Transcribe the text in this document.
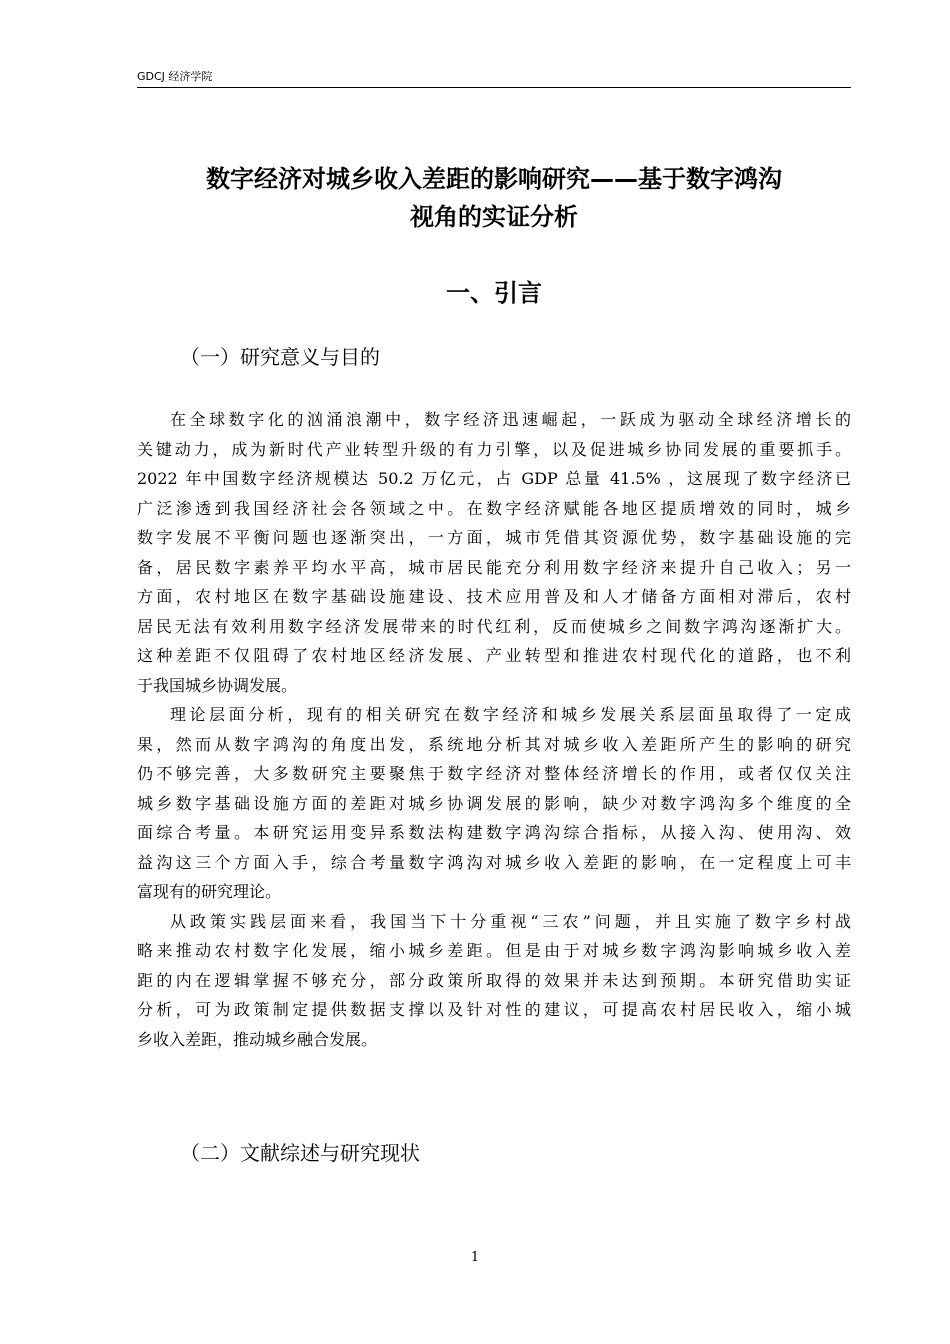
GDCJ 经济学院
数字经济对城乡收入差距的影响研究——基于数字鸿沟
视角的实证分析
一、引言
（一）研究意义与目的
在全球数字化的汹涌浪潮中，数字经济迅速崛起，一跃成为驱动全球经济增长的
关键动力，成为新时代产业转型升级的有力引擎，以及促进城乡协同发展的重要抓手。
2022 年中国数字经济规模达 50.2 万亿元，占 GDP 总量 41.5% ，这展现了数字经济已
广泛渗透到我国经济社会各领域之中。在数字经济赋能各地区提质增效的同时，城乡
数字发展不平衡问题也逐渐突出，一方面，城市凭借其资源优势，数字基础设施的完
备，居民数字素养平均水平高，城市居民能充分利用数字经济来提升自己收入；另一
方面，农村地区在数字基础设施建设、技术应用普及和人才储备方面相对滞后，农村
居民无法有效利用数字经济发展带来的时代红利，反而使城乡之间数字鸿沟逐渐扩大。
这种差距不仅阻碍了农村地区经济发展、产业转型和推进农村现代化的道路，也不利
于我国城乡协调发展。
理论层面分析，现有的相关研究在数字经济和城乡发展关系层面虽取得了一定成
果，然而从数字鸿沟的角度出发，系统地分析其对城乡收入差距所产生的影响的研究
仍不够完善，大多数研究主要聚焦于数字经济对整体经济增长的作用，或者仅仅关注
城乡数字基础设施方面的差距对城乡协调发展的影响，缺少对数字鸿沟多个维度的全
面综合考量。本研究运用变异系数法构建数字鸿沟综合指标，从接入沟、使用沟、效
益沟这三个方面入手，综合考量数字鸿沟对城乡收入差距的影响，在一定程度上可丰
富现有的研究理论。
从政策实践层面来看，我国当下十分重视“三农”问题，并且实施了数字乡村战
略来推动农村数字化发展，缩小城乡差距。但是由于对城乡数字鸿沟影响城乡收入差
距的内在逻辑掌握不够充分，部分政策所取得的效果并未达到预期。本研究借助实证
分析，可为政策制定提供数据支撑以及针对性的建议，可提高农村居民收入，缩小城
乡收入差距，推动城乡融合发展。
（二）文献综述与研究现状
1
